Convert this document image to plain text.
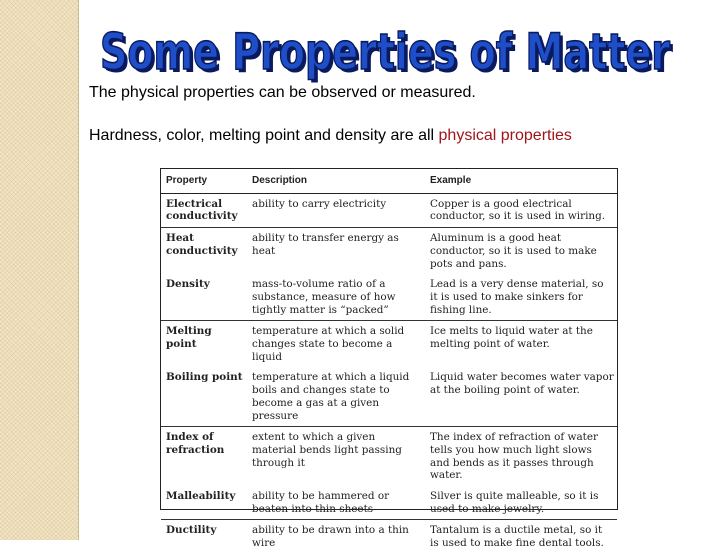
Some Properties of Matter
Some Properties of Matter
The physical properties can be observed or measured.
Hardness, color, melting point and density are all physical properties
Property	Description	Example
Electrical conductivity	ability to carry electricity	Copper is a good electrical conductor, so it is used in wiring.
Heat conductivity	ability to transfer energy as heat	Aluminum is a good heat conductor, so it is used to make pots and pans.
Density	mass-to-volume ratio of a substance, measure of how tightly matter is “packed”	Lead is a very dense material, so it is used to make sinkers for fishing line.
Melting point	temperature at which a solid changes state to become a liquid	Ice melts to liquid water at the melting point of water.
Boiling point	temperature at which a liquid boils and changes state to become a gas at a given pressure	Liquid water becomes water vapor at the boiling point of water.
Index of refraction	extent to which a given material bends light passing through it	The index of refraction of water tells you how much light slows and bends as it passes through water.
Malleability	ability to be hammered or beaten into thin sheets	Silver is quite malleable, so it is used to make jewelry.
Ductility	ability to be drawn into a thin wire	Tantalum is a ductile metal, so it is used to make fine dental tools.
